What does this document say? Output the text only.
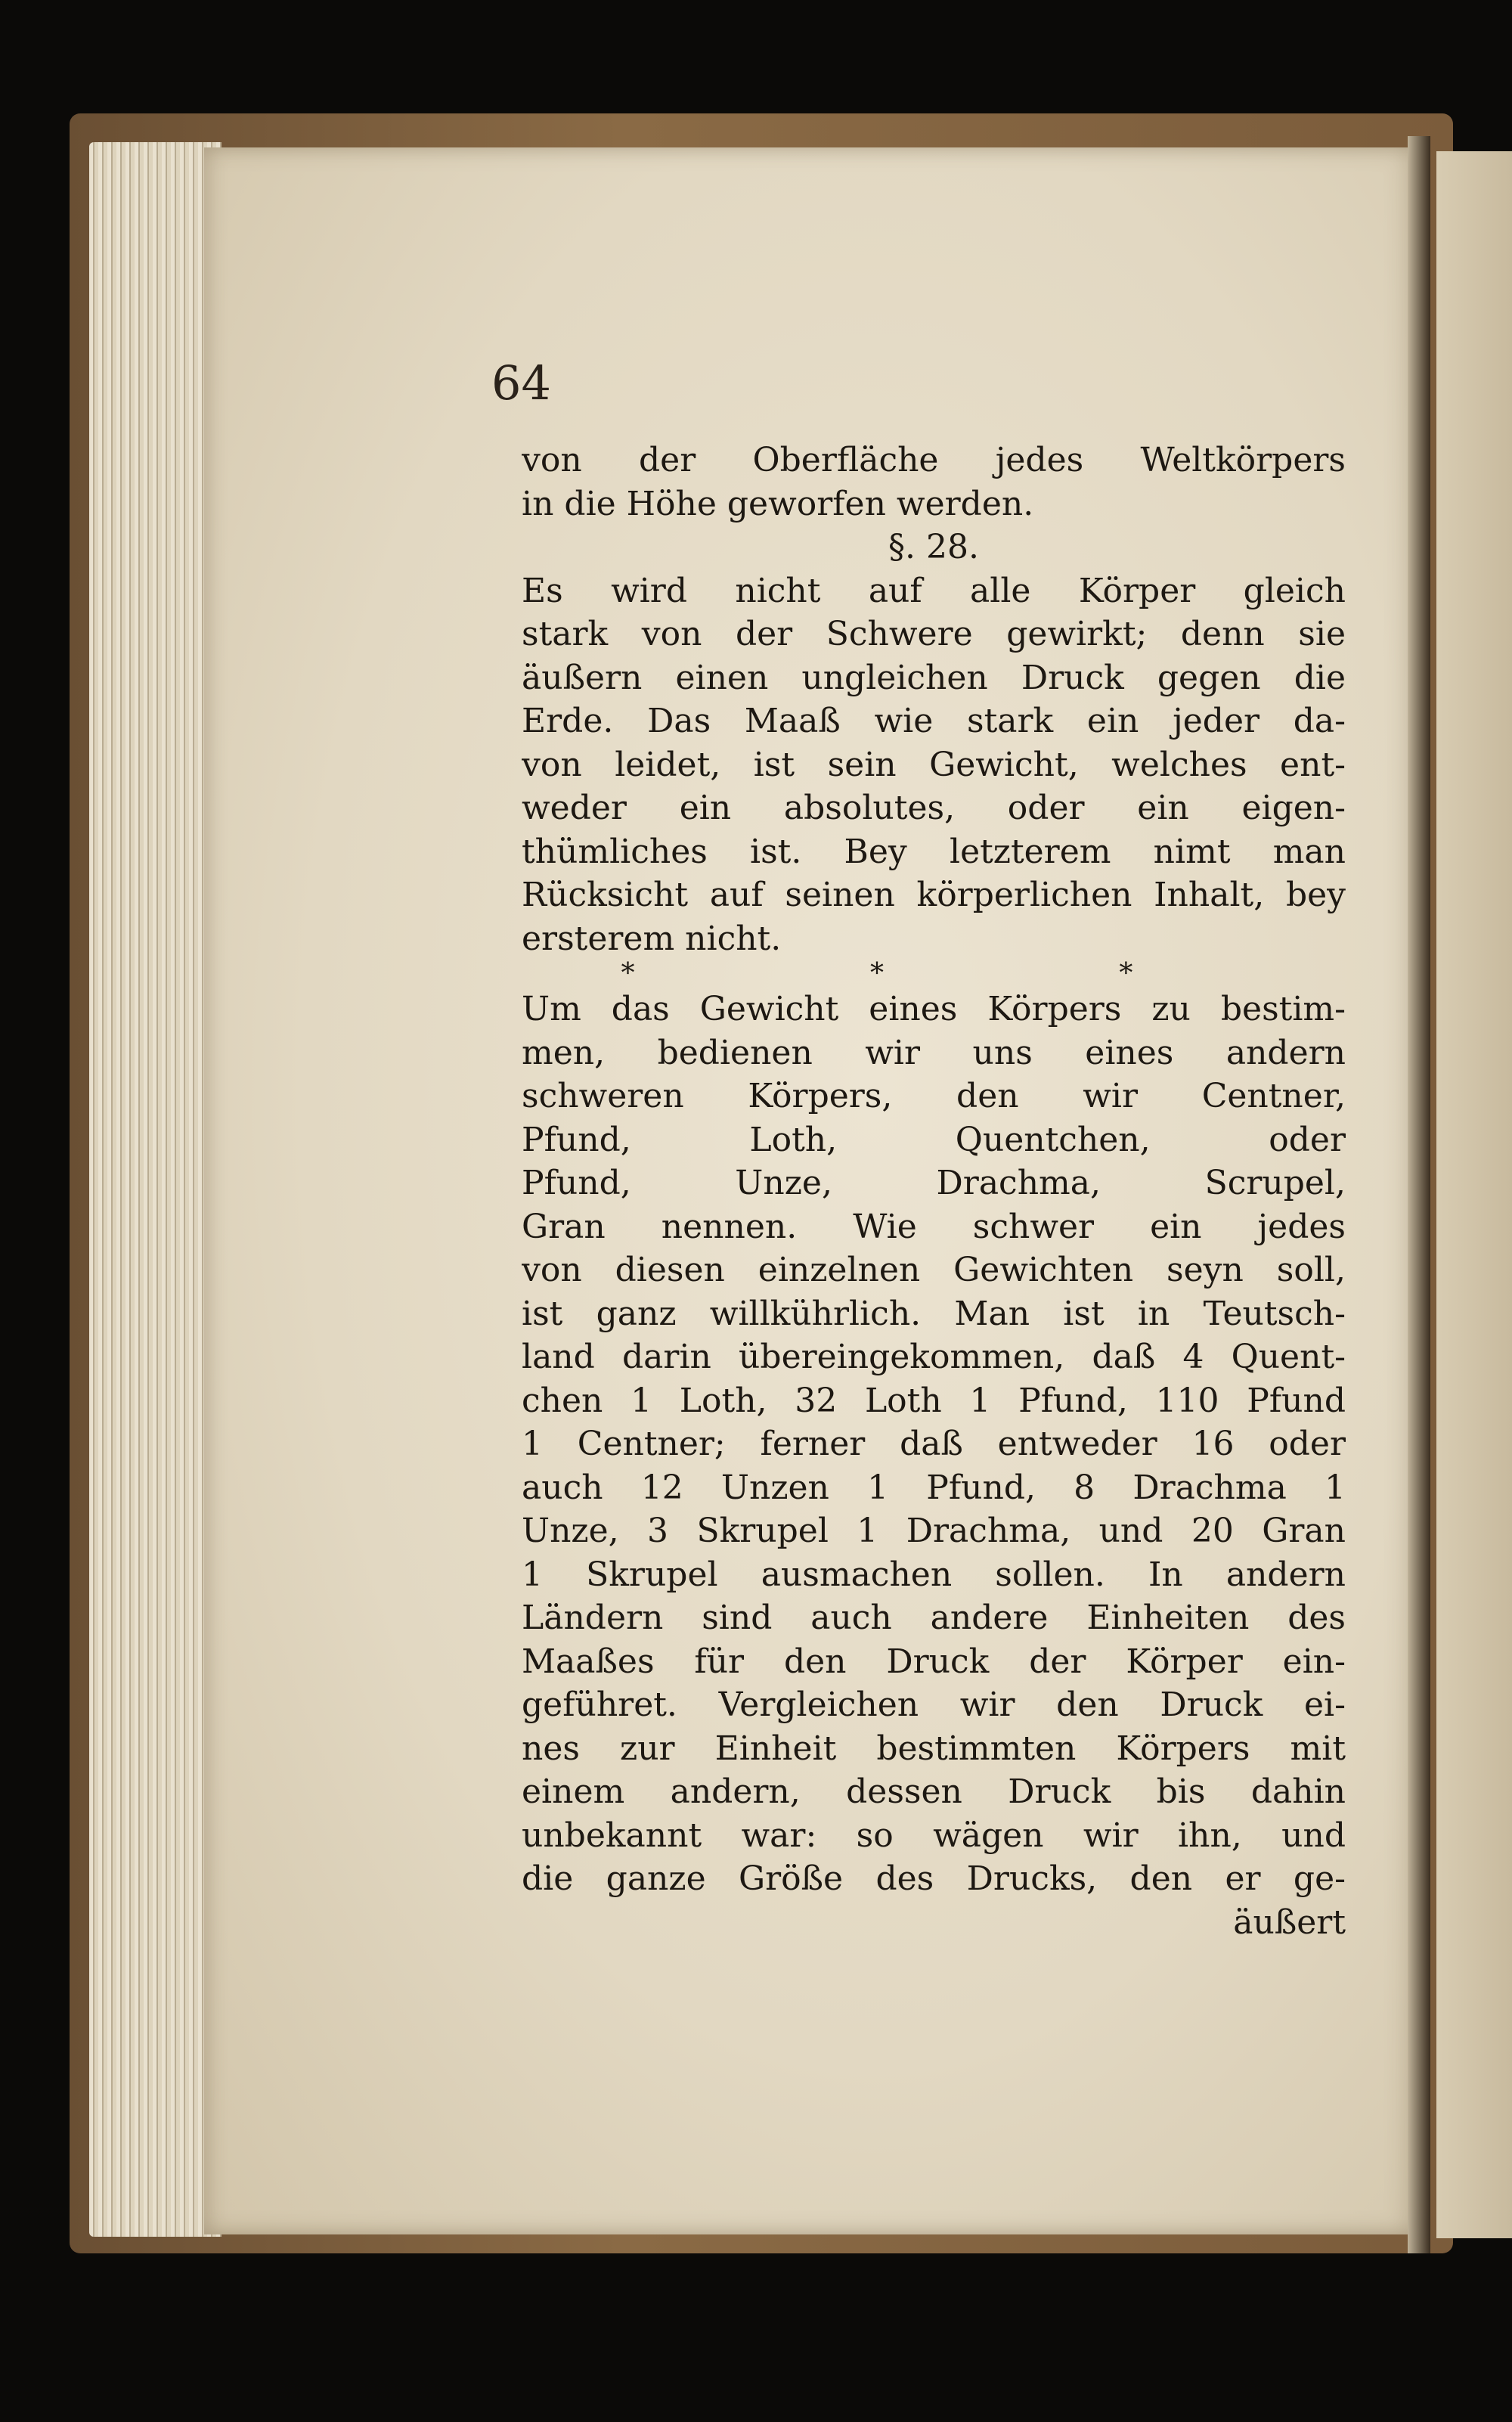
64
von der Oberfläche jedes Weltkörpers
in die Höhe geworfen werden.
§. 28.
Es wird nicht auf alle Körper gleich
stark von der Schwere gewirkt; denn sie
äußern einen ungleichen Druck gegen die
Erde. Das Maaß wie stark ein jeder da-
von leidet, ist sein Gewicht, welches ent-
weder ein absolutes, oder ein eigen-
thümliches ist. Bey letzterem nimt man
Rücksicht auf seinen körperlichen Inhalt, bey
ersterem nicht.
* * *
Um das Gewicht eines Körpers zu bestim-
men, bedienen wir uns eines andern
schweren Körpers, den wir Centner,
Pfund, Loth, Quentchen, oder
Pfund, Unze, Drachma, Scrupel,
Gran nennen. Wie schwer ein jedes
von diesen einzelnen Gewichten seyn soll,
ist ganz willkührlich. Man ist in Teutsch-
land darin übereingekommen, daß 4 Quent-
chen 1 Loth, 32 Loth 1 Pfund, 110 Pfund
1 Centner; ferner daß entweder 16 oder
auch 12 Unzen 1 Pfund, 8 Drachma 1
Unze, 3 Skrupel 1 Drachma, und 20 Gran
1 Skrupel ausmachen sollen. In andern
Ländern sind auch andere Einheiten des
Maaßes für den Druck der Körper ein-
geführet. Vergleichen wir den Druck ei-
nes zur Einheit bestimmten Körpers mit
einem andern, dessen Druck bis dahin
unbekannt war: so wägen wir ihn, und
die ganze Größe des Drucks, den er ge-
äußert
